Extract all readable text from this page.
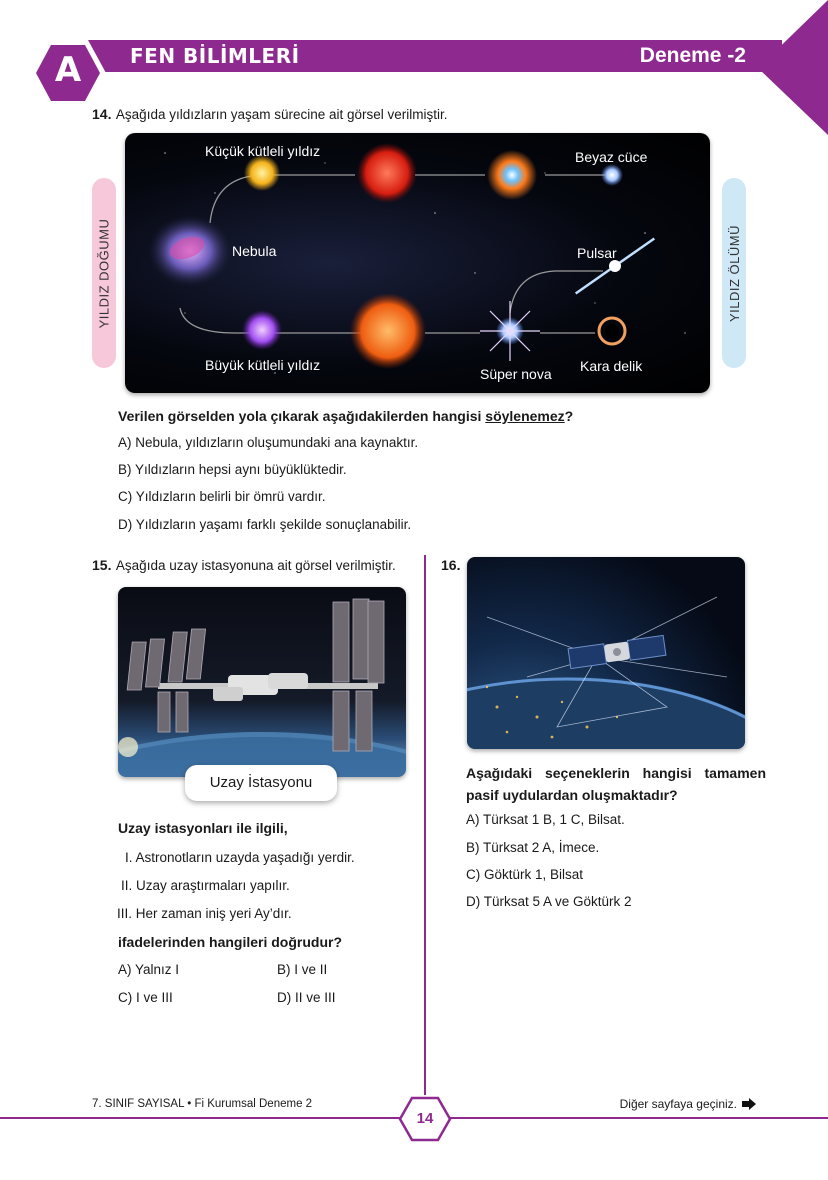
A	FEN BİLİMLERİ	Deneme -2
14. Aşağıda yıldızların yaşam sürecine ait görsel verilmiştir.
YILDIZ DOĞUMU	YILDIZ ÖLÜMÜ
Küçük kütleli yıldız	Beyaz cüce
Nebula	Pulsar
Büyük kütleli yıldız
Süper nova Kara delik
Verilen görselden yola çıkarak aşağıdakilerden hangisi söylenemez?
A) Nebula, yıldızların oluşumundaki ana kaynaktır.
B) Yıldızların hepsi aynı büyüklüktedir.
C) Yıldızların belirli bir ömrü vardır.
D) Yıldızların yaşamı farklı şekilde sonuçlanabilir.
15. Aşağıda uzay istasyonuna ait görsel verilmiştir.
Uzay İstasyonu
Uzay istasyonları ile ilgili,
I. Astronotların uzayda yaşadığı yerdir.
II. Uzay araştırmaları yapılır.
III. Her zaman iniş yeri Ay’dır.
ifadelerinden hangileri doğrudur?
A) Yalnız I	B) I ve II
C) I ve III	D) II ve III
16.
Aşağıdaki seçeneklerin hangisi tamamen pasif uydulardan oluşmaktadır?
A) Türksat 1 B, 1 C, Bilsat.
B) Türksat 2 A, İmece.
C) Göktürk 1, Bilsat
D) Türksat 5 A ve Göktürk 2
7. SINIF SAYISAL • Fi Kurumsal Deneme 2
14
Diğer sayfaya geçiniz.
